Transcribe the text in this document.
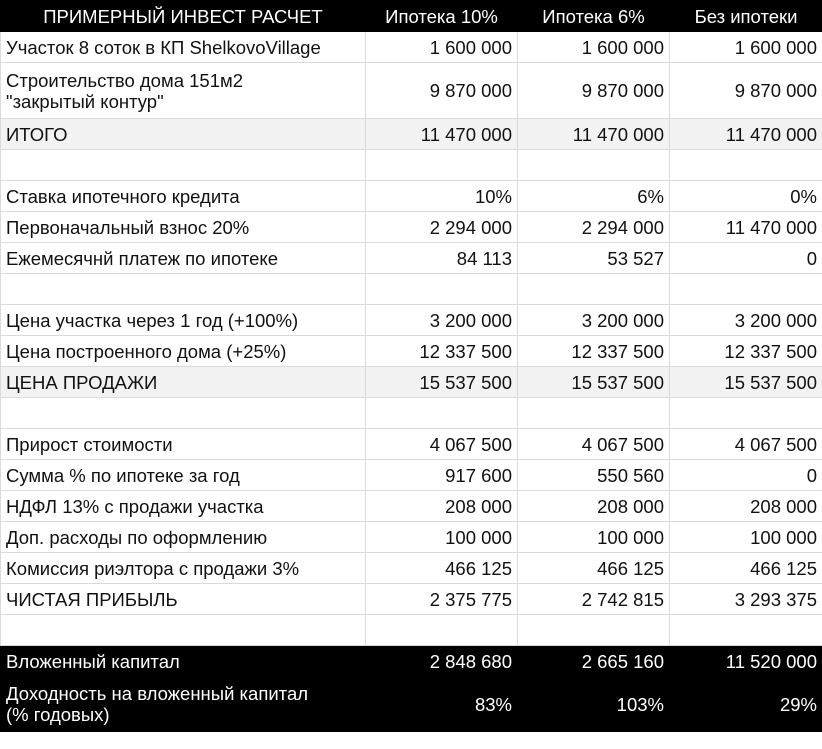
ПРИМЕРНЫЙ ИНВЕСТ РАСЧЕТ	Ипотека 10%	Ипотека 6%	Без ипотеки

Участок 8 соток в КП ShelkovoVillage	1 600 000	1 600 000	1 600 000

Строительство дома 151м2
"закрытый контур"	9 870 000	9 870 000	9 870 000

ИТОГО	11 470 000	11 470 000	11 470 000

Ставка ипотечного кредита	10%	6%	0%

Первоначальный взнос 20%	2 294 000	2 294 000	11 470 000

Ежемесячнй платеж по ипотеке	84 113	53 527	0

Цена участка через 1 год (+100%)	3 200 000	3 200 000	3 200 000

Цена построенного дома (+25%)	12 337 500	12 337 500	12 337 500

ЦЕНА ПРОДАЖИ	15 537 500	15 537 500	15 537 500

Прирост стоимости	4 067 500	4 067 500	4 067 500

Сумма % по ипотеке за год	917 600	550 560	0

НДФЛ 13% с продажи участка	208 000	208 000	208 000

Доп. расходы по оформлению	100 000	100 000	100 000

Комиссия риэлтора с продажи 3%	466 125	466 125	466 125

ЧИСТАЯ ПРИБЫЛЬ	2 375 775	2 742 815	3 293 375

Вложенный капитал	2 848 680	2 665 160	11 520 000

Доходность на вложенный капитал
(% годовых)	83%	103%	29%
